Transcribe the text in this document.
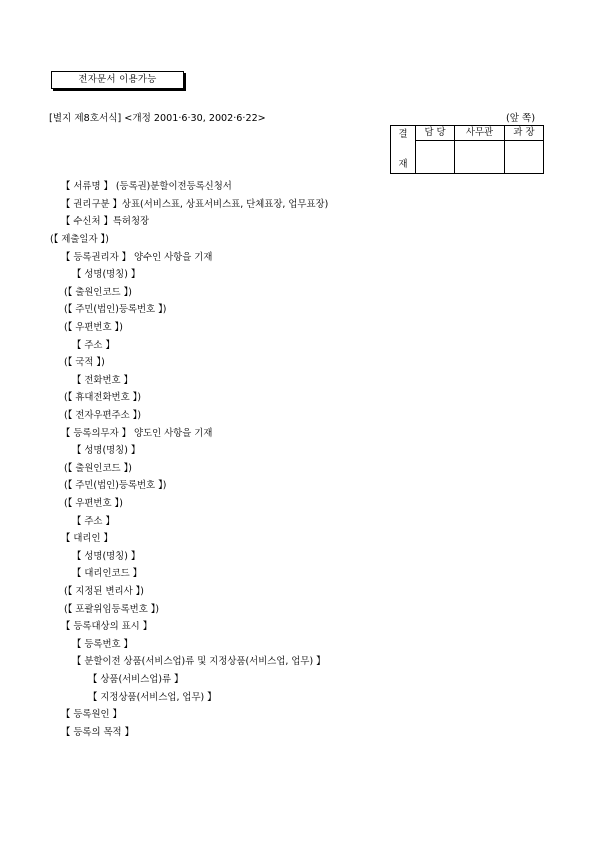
전자문서 이용가능
[별지 제8호서식] <개정 2001·6·30, 2002·6·22>	(앞 쪽)
결
재	담 당	사무관	과 장

【 서류명 】 (등록권)분할이전등록신청서
【 권리구분 】상표(서비스표, 상표서비스표, 단체표장, 업무표장)
【 수신처 】특허청장
(【 제출일자 】)
【 등록권리자 】 양수인 사항을 기재
【 성명(명칭) 】
(【 출원인코드 】)
(【 주민(법인)등록번호 】)
(【 우편번호 】)
【 주소 】
(【 국적 】)
【 전화번호 】
(【 휴대전화번호 】)
(【 전자우편주소 】)
【 등록의무자 】 양도인 사항을 기재
【 성명(명칭) 】
(【 출원인코드 】)
(【 주민(법인)등록번호 】)
(【 우편번호 】)
【 주소 】
【 대리인 】
【 성명(명칭) 】
【 대리인코드 】
(【 지정된 변리사 】)
(【 포괄위임등록번호 】)
【 등록대상의 표시 】
【 등록번호 】
【 분할이전 상품(서비스업)류 및 지정상품(서비스업, 업무) 】
【 상품(서비스업)류 】
【 지정상품(서비스업, 업무) 】
【 등록원인 】
【 등록의 목적 】
